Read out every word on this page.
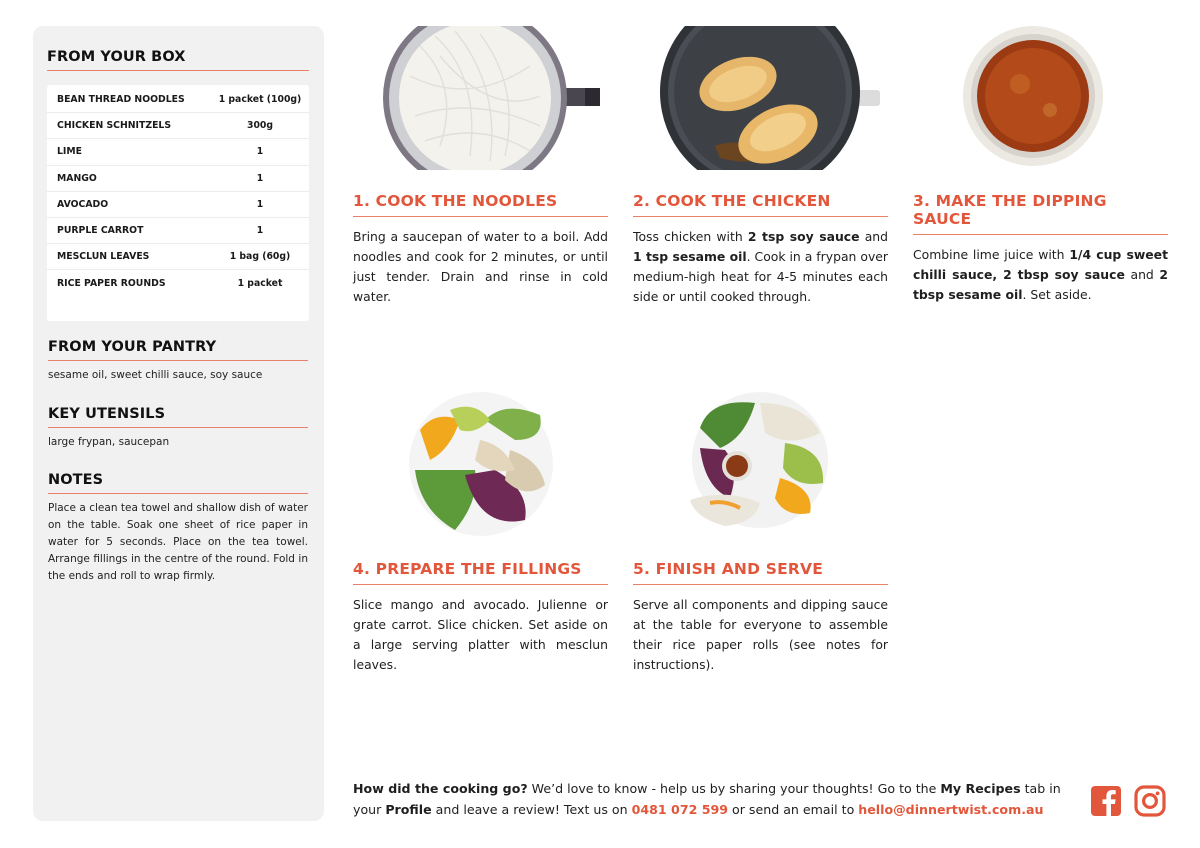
FROM YOUR BOX
BEAN THREAD NOODLES	1 packet (100g)
CHICKEN SCHNITZELS	300g
LIME	1
MANGO	1
AVOCADO	1
PURPLE CARROT	1
MESCLUN LEAVES	1 bag (60g)
RICE PAPER ROUNDS	1 packet
FROM YOUR PANTRY
sesame oil, sweet chilli sauce, soy sauce
KEY UTENSILS
large frypan, saucepan
NOTES
Place a clean tea towel and shallow dish of water on the table. Soak one sheet of rice paper in water for 5 seconds. Place on the tea towel. Arrange fillings in the centre of the round. Fold in the ends and roll to wrap firmly.
1. COOK THE NOODLES
Bring a saucepan of water to a boil. Add noodles and cook for 2 minutes, or until just tender. Drain and rinse in cold water.
2. COOK THE CHICKEN
Toss chicken with 2 tsp soy sauce and 1 tsp sesame oil. Cook in a frypan over medium-high heat for 4-5 minutes each side or until cooked through.
3. MAKE THE DIPPING SAUCE
Combine lime juice with 1/4 cup sweet chilli sauce, 2 tbsp soy sauce and 2 tbsp sesame oil. Set aside.
4. PREPARE THE FILLINGS
Slice mango and avocado. Julienne or grate carrot. Slice chicken. Set aside on a large serving platter with mesclun leaves.
5. FINISH AND SERVE
Serve all components and dipping sauce at the table for everyone to assemble their rice paper rolls (see notes for instructions).
How did the cooking go? We’d love to know - help us by sharing your thoughts! Go to the My Recipes tab in your Profile and leave a review! Text us on 0481 072 599 or send an email to hello@dinnertwist.com.au
